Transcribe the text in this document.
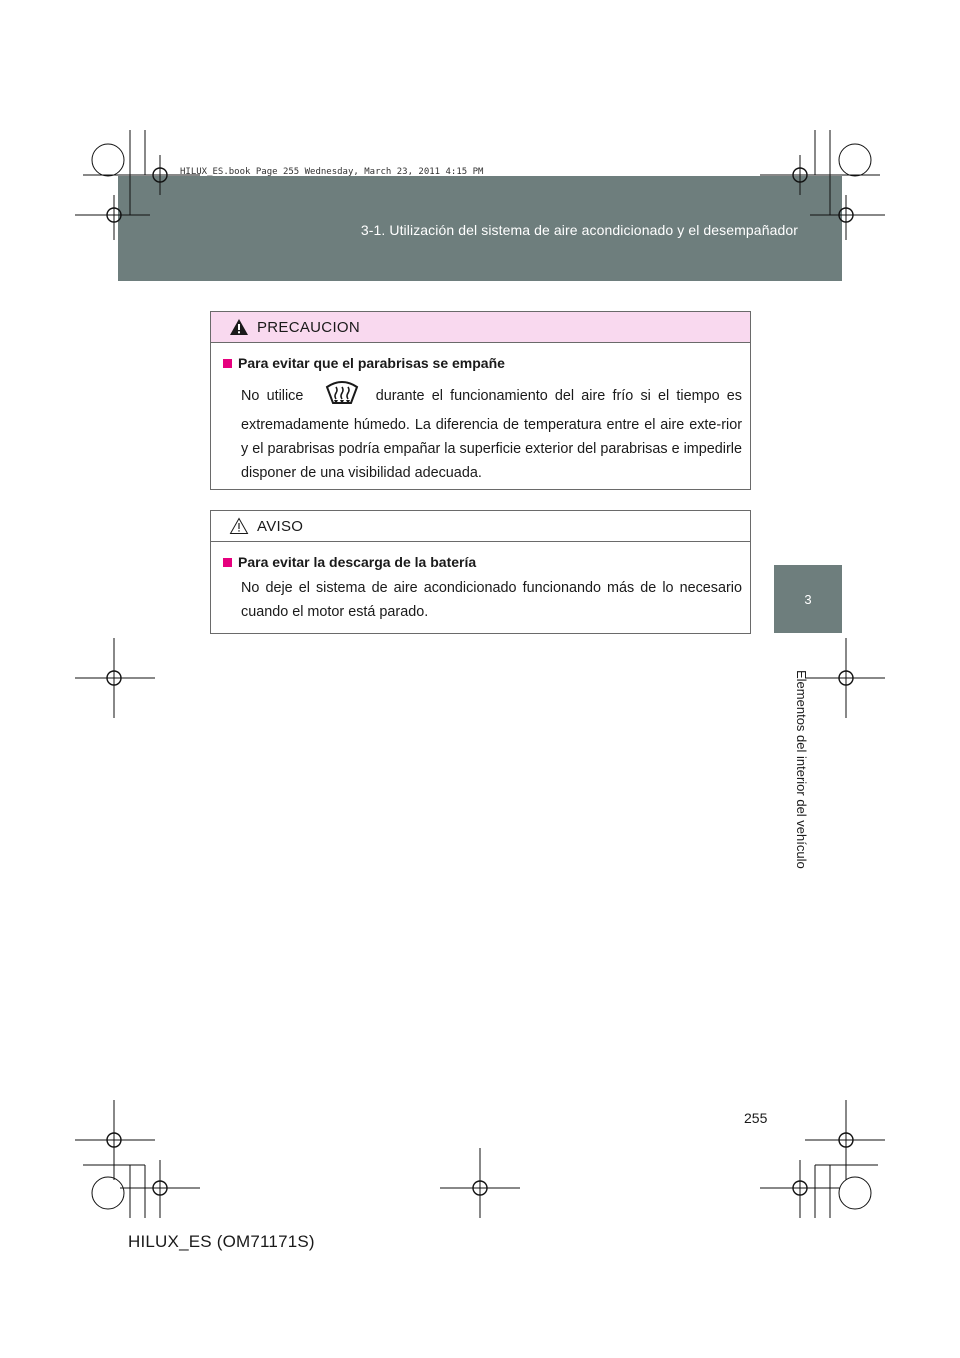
3-1. Utilización del sistema de aire acondicionado y el desempañador
HILUX_ES.book Page 255 Wednesday, March 23, 2011 4:15 PM
3
Elementos del interior del vehículo
PRECAUCION
Para evitar que el parabrisas se empañe

No utilice	durante el funcionamiento del aire frío si el tiempo es extremadamente húmedo. La diferencia de temperatura entre el aire exte-rior y el parabrisas podría empañar la superficie exterior del parabrisas e impedirle disponer de una visibilidad adecuada.

AVISO
Para evitar la descarga de la batería

No deje el sistema de aire acondicionado funcionando más de lo necesario cuando el motor está parado.

255
HILUX_ES (OM71171S)
